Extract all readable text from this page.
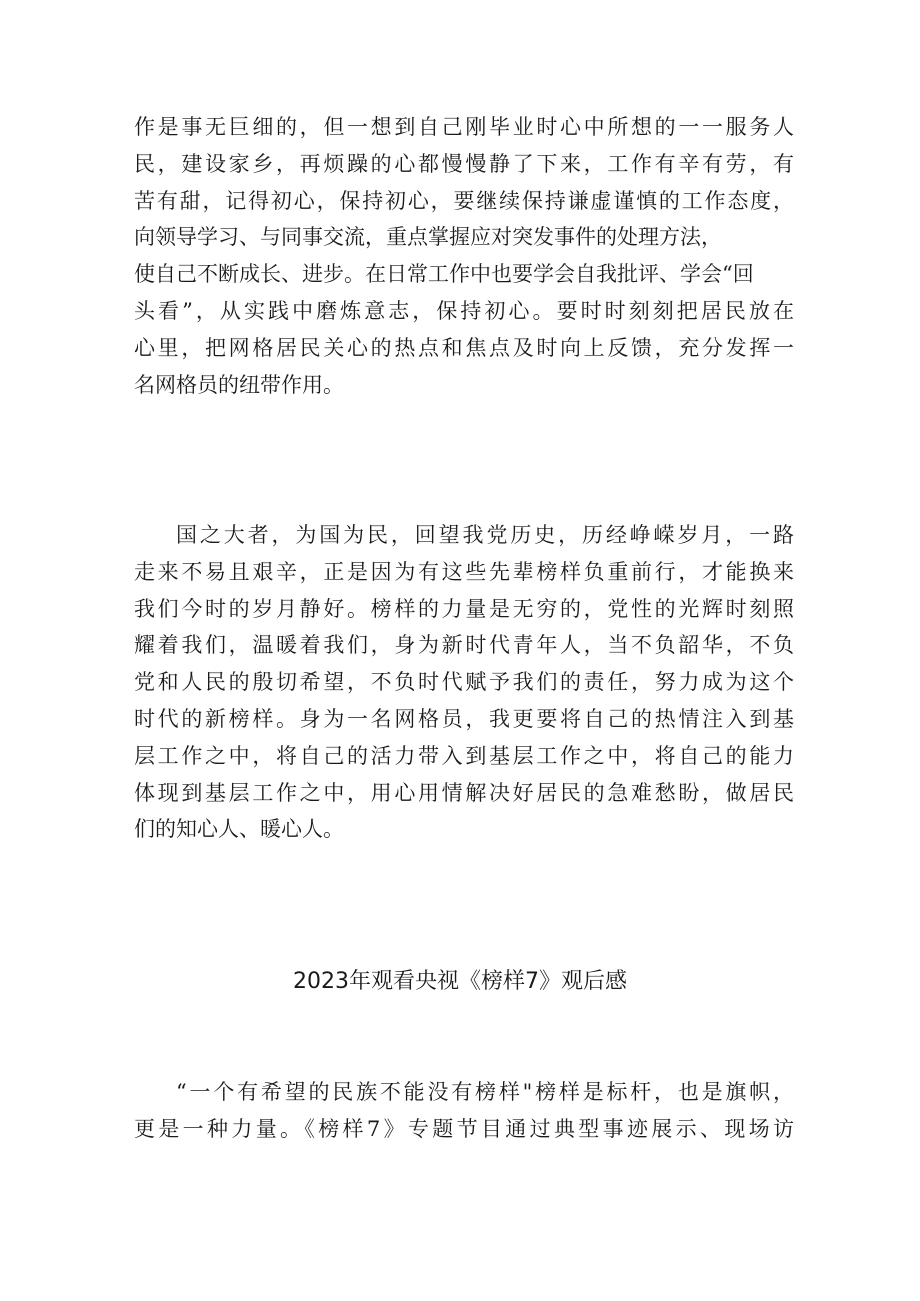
作是事无巨细的，但一想到自己刚毕业时心中所想的一一服务人
民，建设家乡，再烦躁的心都慢慢静了下来，工作有辛有劳，有
苦有甜，记得初心，保持初心，要继续保持谦虚谨慎的工作态度，
向领导学习、与同事交流，重点掌握应对突发事件的处理方法，
使自己不断成长、进步。在日常工作中也要学会自我批评、学会“回
头看”，从实践中磨炼意志，保持初心。要时时刻刻把居民放在
心里，把网格居民关心的热点和焦点及时向上反馈，充分发挥一
名网格员的纽带作用。
国之大者，为国为民，回望我党历史，历经峥嵘岁月，一路
走来不易且艰辛，正是因为有这些先辈榜样负重前行，才能换来
我们今时的岁月静好。榜样的力量是无穷的，党性的光辉时刻照
耀着我们，温暖着我们，身为新时代青年人，当不负韶华，不负
党和人民的殷切希望，不负时代赋予我们的责任，努力成为这个
时代的新榜样。身为一名网格员，我更要将自己的热情注入到基
层工作之中，将自己的活力带入到基层工作之中，将自己的能力
体现到基层工作之中，用心用情解决好居民的急难愁盼，做居民
们的知心人、暖心人。
2023年观看央视《榜样7》观后感
“一个有希望的民族不能没有榜样"榜样是标杆，也是旗帜，
更是一种力量。《榜样7》专题节目通过典型事迹展示、现场访
